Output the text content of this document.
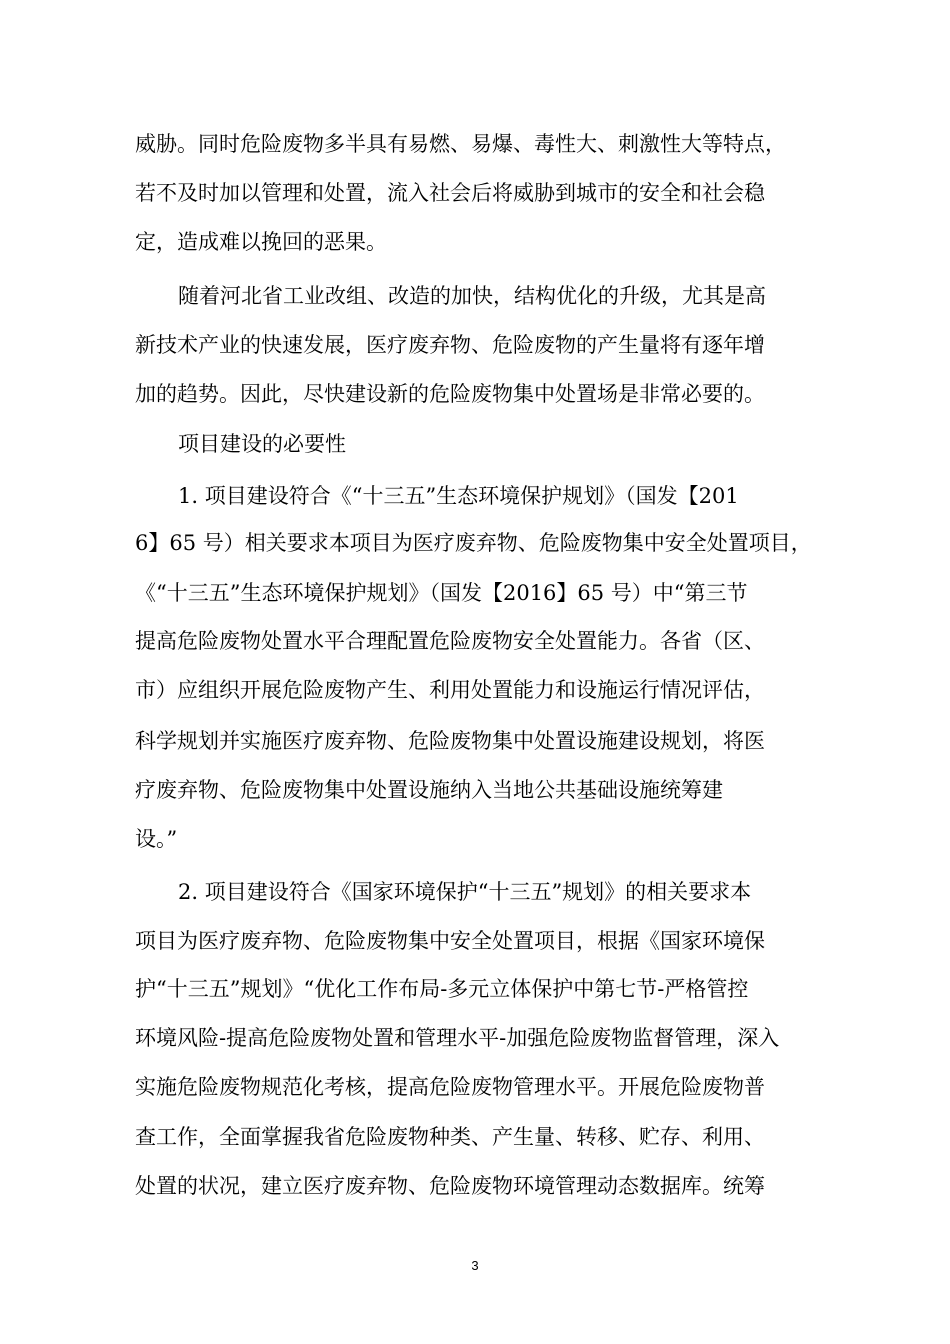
威胁。同时危险废物多半具有易燃、易爆、毒性大、刺激性大等特点，
若不及时加以管理和处置，流入社会后将威胁到城市的安全和社会稳
定，造成难以挽回的恶果。
随着河北省工业改组、改造的加快，结构优化的升级，尤其是高
新技术产业的快速发展，医疗废弃物、危险废物的产生量将有逐年增
加的趋势。因此，尽快建设新的危险废物集中处置场是非常必要的。
项目建设的必要性
1. 项目建设符合《“十三五”生态环境保护规划》（国发【201
6】65 号）相关要求本项目为医疗废弃物、危险废物集中安全处置项目，
《“十三五”生态环境保护规划》（国发【2016】65 号）中“第三节
提高危险废物处置水平合理配置危险废物安全处置能力。各省（区、
市）应组织开展危险废物产生、利用处置能力和设施运行情况评估，
科学规划并实施医疗废弃物、危险废物集中处置设施建设规划，将医
疗废弃物、危险废物集中处置设施纳入当地公共基础设施统筹建
设。”
2. 项目建设符合《国家环境保护“十三五”规划》的相关要求本
项目为医疗废弃物、危险废物集中安全处置项目，根据《国家环境保
护“十三五”规划》“优化工作布局-多元立体保护中第七节-严格管控
环境风险-提高危险废物处置和管理水平-加强危险废物监督管理，深入
实施危险废物规范化考核，提高危险废物管理水平。开展危险废物普
查工作，全面掌握我省危险废物种类、产生量、转移、贮存、利用、
处置的状况，建立医疗废弃物、危险废物环境管理动态数据库。统筹
3
